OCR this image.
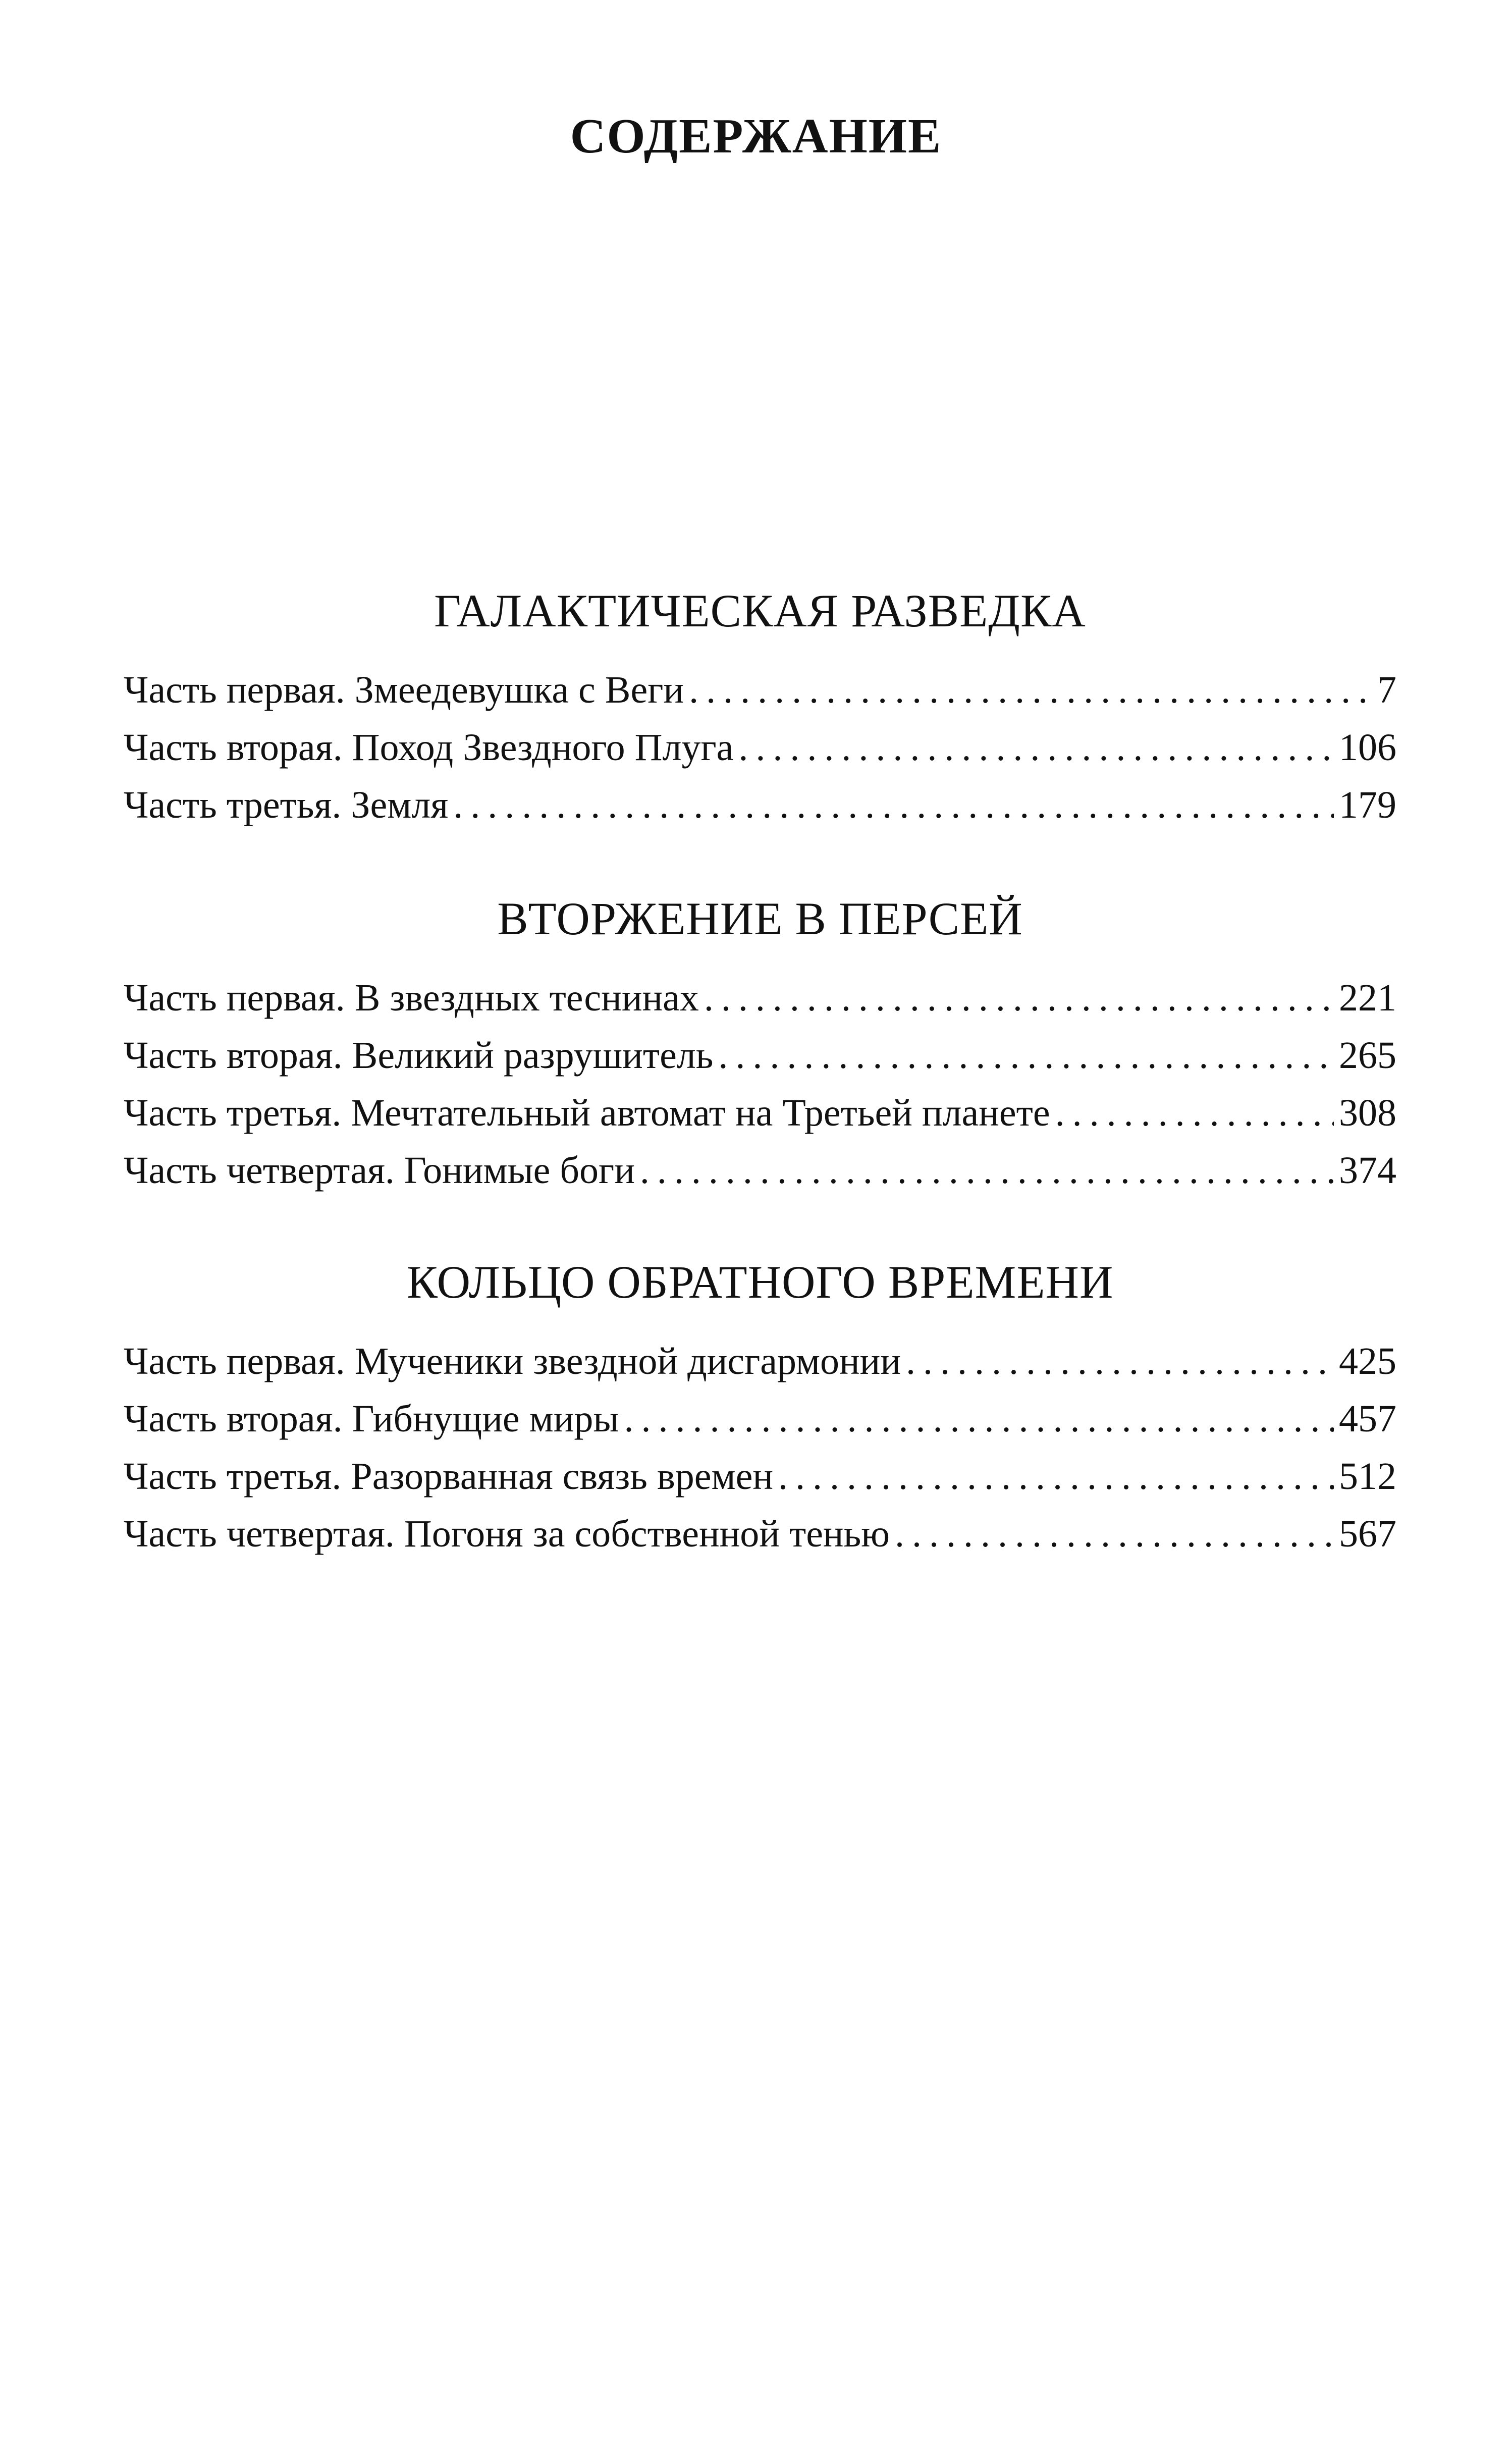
СОДЕРЖАНИЕ
ГАЛАКТИЧЕСКАЯ РАЗВЕДКА
Часть первая. Змеедевушка с Веги .....	7
Часть вторая. Поход Звездного Плуга .....	106
Часть третья. Земля .....	179
ВТОРЖЕНИЕ В ПЕРСЕЙ
Часть первая. В звездных теснинах .....	221
Часть вторая. Великий разрушитель .....	265
Часть третья. Мечтательный автомат на Третьей планете .....	308
Часть четвертая. Гонимые боги .....	374
КОЛЬЦО ОБРАТНОГО ВРЕМЕНИ
Часть первая. Мученики звездной дисгармонии .....	425
Часть вторая. Гибнущие миры .....	457
Часть третья. Разорванная связь времен .....	512
Часть четвертая. Погоня за собственной тенью .....	567
